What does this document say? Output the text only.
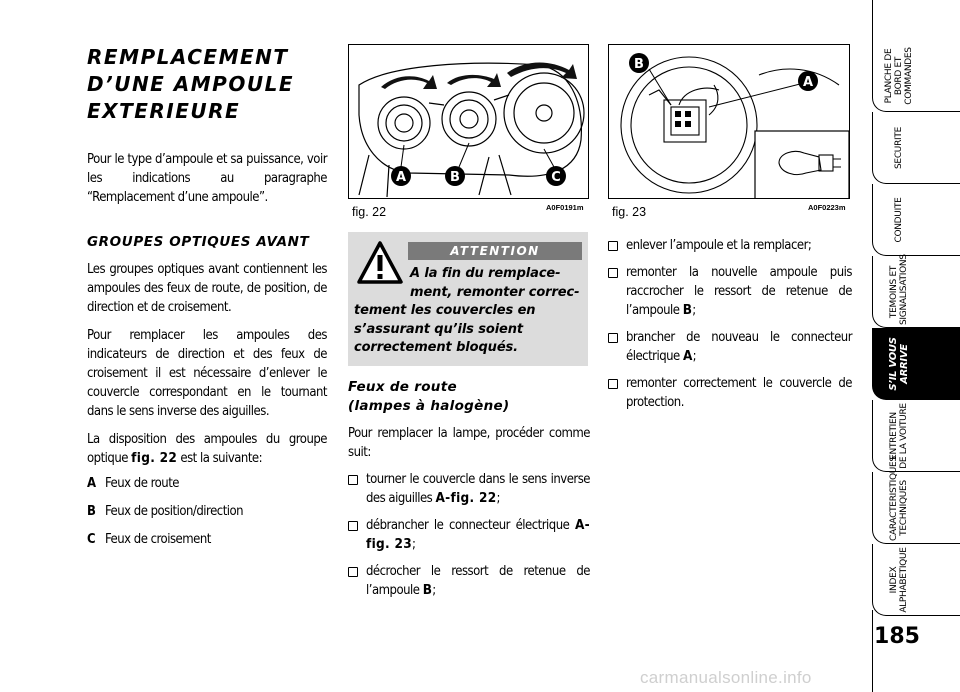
REMPLACEMENT
D’UNE AMPOULE
EXTERIEURE

Pour le type d’ampoule et sa puissance, voir les indications au paragraphe “Remplacement d’une ampoule”.

GROUPES OPTIQUES AVANT

Les groupes optiques avant contiennent les ampoules des feux de route, de position, de direction et de croisement.

Pour remplacer les ampoules des indicateurs de direction et des feux de croisement il est nécessaire d’enlever le couvercle correspondant en le tournant dans le sens inverse des aiguilles.

La disposition des ampoules du groupe optique fig. 22 est la suivante:

A Feux de route
B Feux de position/direction
C Feux de croisement
A	B	C
fig. 22	A0F0191m
ATTENTION
A la fin du remplace-
ment, remonter correc-
tement les couvercles en s’assurant qu’ils soient correctement bloqués.
Feux de route
(lampes à halogène)

Pour remplacer la lampe, procéder comme suit:

tourner le couvercle dans le sens inverse des aiguilles A-fig. 22;
débrancher le connecteur électrique A-fig. 23;
décrocher le ressort de retenue de l’ampoule B;
B
A
fig. 23	A0F0223m
enlever l’ampoule et la remplacer;
remonter la nouvelle ampoule puis raccrocher le ressort de retenue de l’ampoule B;
brancher de nouveau le connecteur électrique A;
remonter correctement le couvercle de protection.
PLANCHE DE
BORD ET
COMMANDES
SECURITE
CONDUITE
TEMOINS ET
SIGNALISATIONS
S’IL VOUS
ARRIVE
ENTRETIEN
DE LA VOITURE
CARACTERISTIQUES
TECHNIQUES
INDEX
ALPHABETIQUE
185
carmanualsonline.info
